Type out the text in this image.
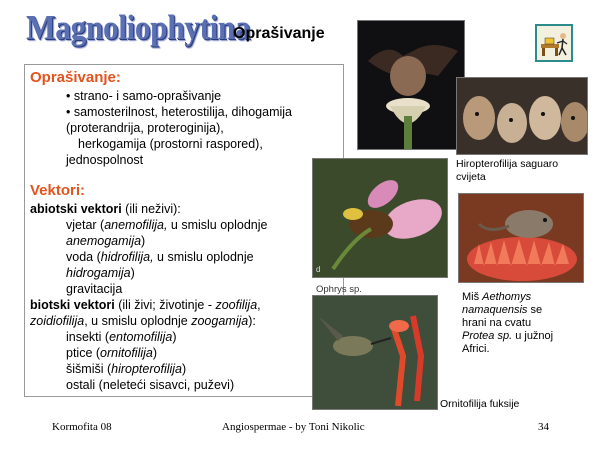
Magnoliophytina
Oprašivanje
Oprašivanje:
• strano- i samo-oprašivanje
• samosterilnost, heterostilija, dihogamija
(proterandrija, proteroginija),
herkogamija (prostorni raspored),
jednospolnost
Vektori:
abiotski vektori (ili neživi):
vjetar (anemofilija, u smislu oplodnje
anemogamija)
voda (hidrofilija, u smislu oplodnje
hidrogamija)
gravitacija
biotski vektori (ili živi; životinje - zoofilija,
zoidiofilija, u smislu oplodnje zoogamija):
insekti (entomofilija)
ptice (ornitofilija)
šišmiši (hiropterofilija)
ostali (neleteći sisavci, puževi)
Hiropterofilija saguaro
cvijeta
d
Ophrys sp.
Miš Aethomys
namaquensis se
hrani na cvatu
Protea sp. u južnoj
Africi.
Ornitofilija fuksije
Kormofita 08	Angiospermae - by Toni Nikolic	34
